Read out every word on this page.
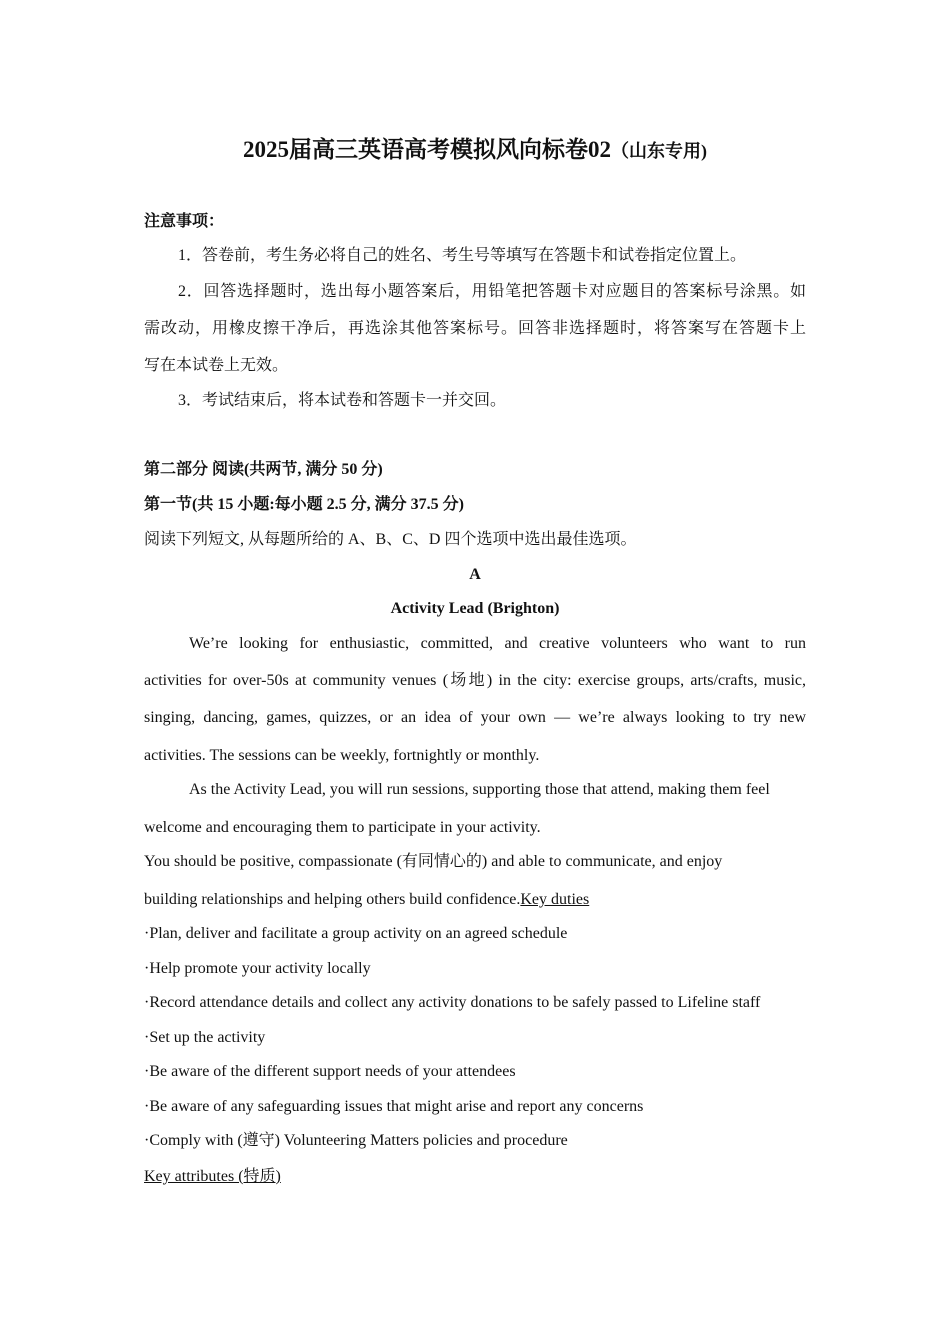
2025届高三英语高考模拟风向标卷02（山东专用)
注意事项：
1．答卷前，考生务必将自己的姓名、考生号等填写在答题卡和试卷指定位置上。
2．回答选择题时，选出每小题答案后，用铅笔把答题卡对应题目的答案标号涂黑。如
需改动，用橡皮擦干净后，再选涂其他答案标号。回答非选择题时，将答案写在答题卡上
写在本试卷上无效。
3．考试结束后，将本试卷和答题卡一并交回。
第二部分 阅读(共两节, 满分 50 分)
第一节(共 15 小题:每小题 2.5 分, 满分 37.5 分)
阅读下列短文, 从每题所给的 A、B、C、D 四个选项中选出最佳选项。
A
Activity Lead (Brighton)
We’re looking for enthusiastic, committed, and creative volunteers who want to run
activities for over-50s at community venues (场地) in the city: exercise groups, arts/crafts, music,
singing, dancing, games, quizzes, or an idea of your own — we’re always looking to try new
activities. The sessions can be weekly, fortnightly or monthly.
As the Activity Lead, you will run sessions, supporting those that attend, making them feel
welcome and encouraging them to participate in your activity.
You should be positive, compassionate (有同情心的) and able to communicate, and enjoy
building relationships and helping others build confidence.Key duties
·Plan, deliver and facilitate a group activity on an agreed schedule
·Help promote your activity locally
·Record attendance details and collect any activity donations to be safely passed to Lifeline staff
·Set up the activity
·Be aware of the different support needs of your attendees
·Be aware of any safeguarding issues that might arise and report any concerns
·Comply with (遵守) Volunteering Matters policies and procedure
Key attributes (特质)
